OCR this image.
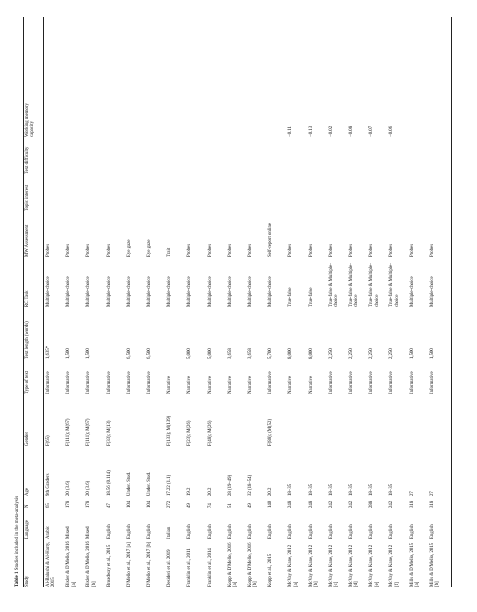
Table 1 Studies included in the meta-analysis
Study
Language
N
Age
Gender
Type of text
Text length (words)
RC Task
MW Assessment
Topic interest
Text difficulty
Working memory capacity
Al-Balushi & Al-Harty, 2015
Arabic
65
9th Graders
F(65)
Informative
1,635*
Multiple-choice
Probes
Bixler & D'Mello, 2016 [a]
Mixed
178
20 (3.6)
F(111); M(67)
Informative
1,500
Multiple-choice
Probes
Bixler & D'Mello, 2016 [b]
Mixed
178
20 (3.6)
F(111); M(67)
Informative
1,500
Multiple-choice
Probes
Broadway et al., 2015
English
47
18.56 (0.114)
F(33); M(13)
Informative
Multiple-choice
Probes
D'Mello et al., 2017 [a]
English
104
Under. Stud.
Informative
6,500
Multiple-choice
Eye gaze
D'Mello et al., 2017 [b]
English
104
Under. Stud.
Informative
6,500
Multiple-choice
Eye gaze
Desideri et al. 2019
Italian
272
17.22 (1.1)
F(133); M(139)
Narrative
Multiple-choice
Trait
Franklin et al., 2011
English
49
19.2
F(23); M(26)
Narrative
5,000
Multiple-choice
Probes
Franklin et al., 2014
English
74
20.2
F(48); M(26)
Narrative
5,000
Multiple-choice
Probes
Kopp & D'Mello, 2016 [a]
English
51
28 (19–49)
Narrative
3,658
Multiple-choice
Probes
Kopp & D'Mello, 2016 [b]
English
49
32 (18–54)
Narrative
3,658
Multiple-choice
Probes
Kopp et al., 2015
English
140
20.2
F(88); (M(52)
Informative
5,700
Multiple-choice
Self-report online
McVay & Kane, 2012 [a]
English
248
18–35
Narrative
8,000
True-false
Probes
−0.11
McVay & Kane, 2012 [b]
English
248
18–35
Narrative
8,000
True-false
Probes
−0.13
McVay & Kane, 2012 [c]
English
242
18–35
Informative
2,250
True-false & Multiple-choice
Probes
−0.02
McVay & Kane, 2012 [d]
English
242
18–35
Informative
2,250
True-false & Multiple-choice
Probes
−0.08
McVay & Kane, 2012 [e]
English
288
18–35
Informative
2,250
True-false & Multiple-choice
Probes
−0.07
McVay & Kane, 2012 [f]
English
242
18–35
Informative
2,250
True-false & Multiple-choice
Probes
−0.06
Mills & D'Mello, 2015 [a]
English
318
27
Informative
1,500
Multiple-choice
Probes
Mills & D'Mello, 2015 [b]
English
318
27
Informative
1,500
Multiple-choice
Probes
